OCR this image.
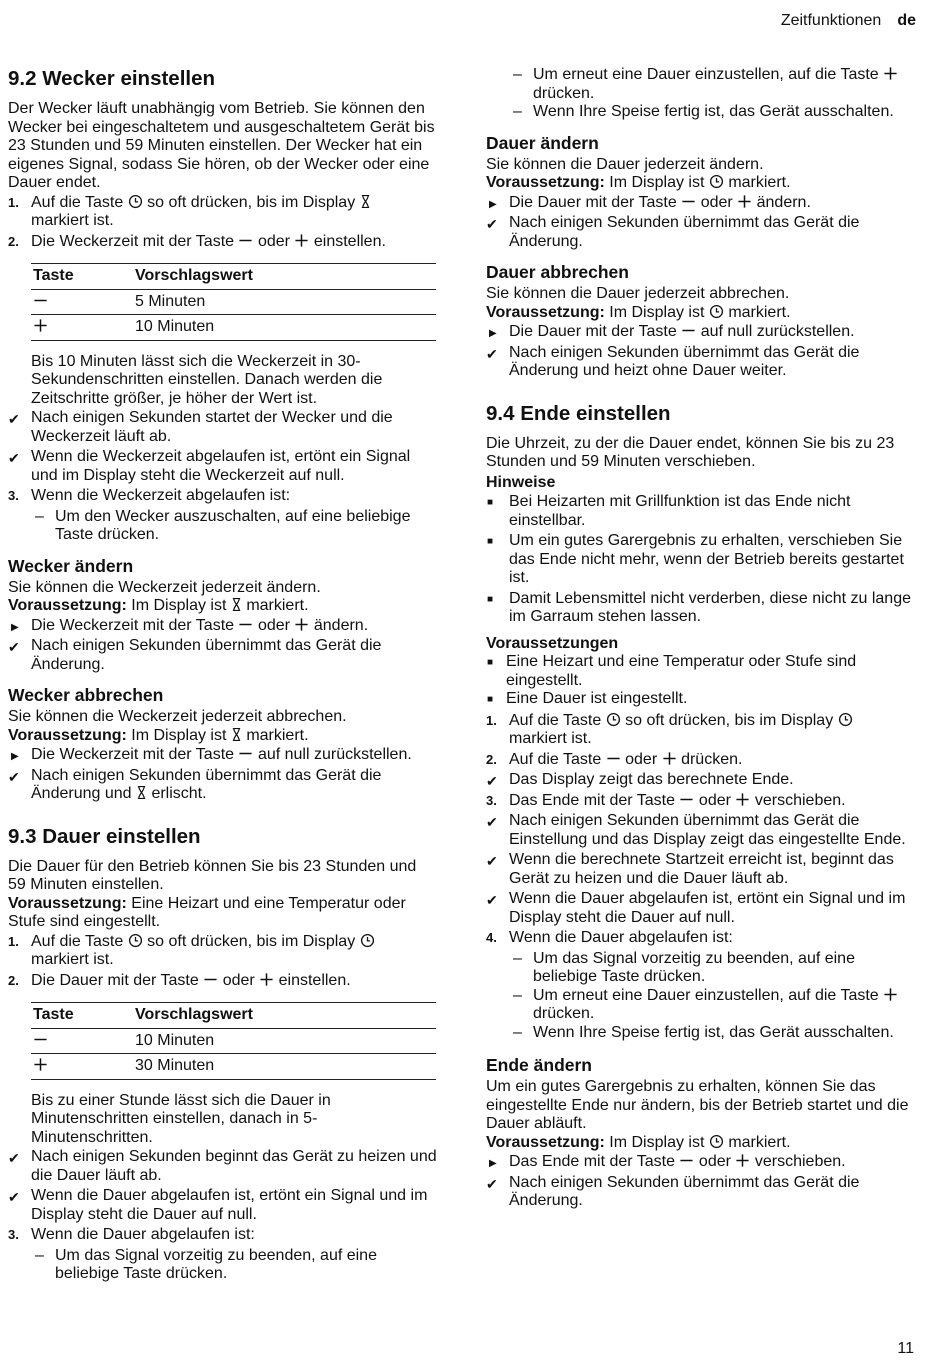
Zeitfunktionen de
9.2 Wecker einstellen

Der Wecker läuft unabhängig vom Betrieb. Sie können den Wecker bei eingeschaltetem und ausgeschaltetem Gerät bis 23 Stunden und 59 Minuten einstellen. Der Wecker hat ein eigenes Signal, sodass Sie hören, ob der Wecker oder eine Dauer endet.

1. Auf die Taste so oft drücken, bis im Display
markiert ist.
2. Die Weckerzeit mit der Taste oder einstellen.
Taste	Vorschlagswert
	5 Minuten
	10 Minuten

Bis 10 Minuten lässt sich die Weckerzeit in 30-Sekundenschritten einstellen. Danach werden die Zeitschritte größer, je höher der Wert ist.

✔ Nach einigen Sekunden startet der Wecker und die Weckerzeit läuft ab.
✔ Wenn die Weckerzeit abgelaufen ist, ertönt ein Signal und im Display steht die Weckerzeit auf null.
3. Wenn die Weckerzeit abgelaufen ist:
– Um den Wecker auszuschalten, auf eine beliebige Taste drücken.
Wecker ändern

Sie können die Weckerzeit jederzeit ändern.

Voraussetzung: Im Display ist markiert.

▶ Die Weckerzeit mit der Taste oder ändern.
✔ Nach einigen Sekunden übernimmt das Gerät die Änderung.
Wecker abbrechen

Sie können die Weckerzeit jederzeit abbrechen.

Voraussetzung: Im Display ist markiert.

▶ Die Weckerzeit mit der Taste auf null zurückstellen.
✔ Nach einigen Sekunden übernimmt das Gerät die Änderung und erlischt.
9.3 Dauer einstellen

Die Dauer für den Betrieb können Sie bis 23 Stunden und 59 Minuten einstellen.

Voraussetzung: Eine Heizart und eine Temperatur oder Stufe sind eingestellt.

1. Auf die Taste so oft drücken, bis im Display
markiert ist.
2. Die Dauer mit der Taste oder einstellen.
Taste	Vorschlagswert
	10 Minuten
	30 Minuten

Bis zu einer Stunde lässt sich die Dauer in Minutenschritten einstellen, danach in 5-Minutenschritten.

✔ Nach einigen Sekunden beginnt das Gerät zu heizen und die Dauer läuft ab.
✔ Wenn die Dauer abgelaufen ist, ertönt ein Signal und im Display steht die Dauer auf null.
3. Wenn die Dauer abgelaufen ist:
– Um das Signal vorzeitig zu beenden, auf eine beliebige Taste drücken.
– Um erneut eine Dauer einzustellen, auf die Taste  drücken.
– Wenn Ihre Speise fertig ist, das Gerät ausschalten.
Dauer ändern

Sie können die Dauer jederzeit ändern.

Voraussetzung: Im Display ist markiert.

▶ Die Dauer mit der Taste oder ändern.
✔ Nach einigen Sekunden übernimmt das Gerät die Änderung.
Dauer abbrechen

Sie können die Dauer jederzeit abbrechen.

Voraussetzung: Im Display ist markiert.

▶ Die Dauer mit der Taste auf null zurückstellen.
✔ Nach einigen Sekunden übernimmt das Gerät die Änderung und heizt ohne Dauer weiter.
9.4 Ende einstellen

Die Uhrzeit, zu der die Dauer endet, können Sie bis zu 23 Stunden und 59 Minuten verschieben.

Hinweise
■ Bei Heizarten mit Grillfunktion ist das Ende nicht einstellbar.
■ Um ein gutes Garergebnis zu erhalten, verschieben Sie das Ende nicht mehr, wenn der Betrieb bereits gestartet ist.
■ Damit Lebensmittel nicht verderben, diese nicht zu lange im Garraum stehen lassen.
Voraussetzungen
■ Eine Heizart und eine Temperatur oder Stufe sind eingestellt.
■ Eine Dauer ist eingestellt.
1. Auf die Taste so oft drücken, bis im Display
markiert ist.
2. Auf die Taste oder drücken.
✔ Das Display zeigt das berechnete Ende.
3. Das Ende mit der Taste oder verschieben.
✔ Nach einigen Sekunden übernimmt das Gerät die Einstellung und das Display zeigt das eingestellte Ende.
✔ Wenn die berechnete Startzeit erreicht ist, beginnt das Gerät zu heizen und die Dauer läuft ab.
✔ Wenn die Dauer abgelaufen ist, ertönt ein Signal und im Display steht die Dauer auf null.
4. Wenn die Dauer abgelaufen ist:
– Um das Signal vorzeitig zu beenden, auf eine beliebige Taste drücken.
– Um erneut eine Dauer einzustellen, auf die Taste  drücken.
– Wenn Ihre Speise fertig ist, das Gerät ausschalten.
Ende ändern

Um ein gutes Garergebnis zu erhalten, können Sie das eingestellte Ende nur ändern, bis der Betrieb startet und die Dauer abläuft.

Voraussetzung: Im Display ist markiert.

▶ Das Ende mit der Taste oder verschieben.
✔ Nach einigen Sekunden übernimmt das Gerät die Änderung.
11
